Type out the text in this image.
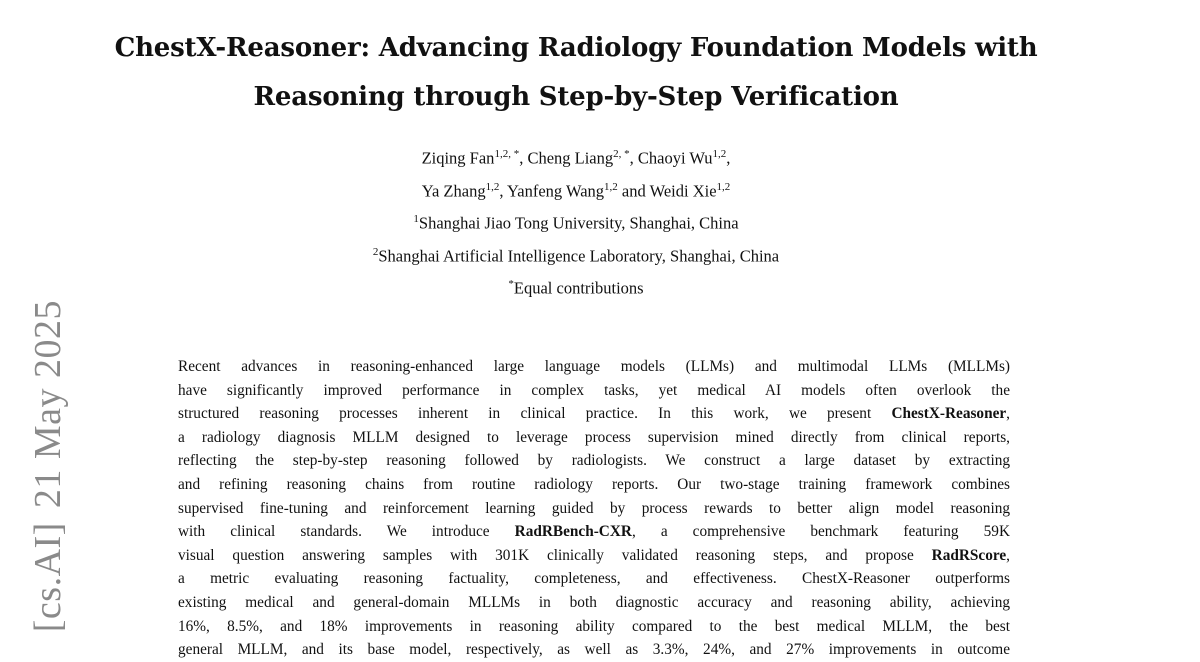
[cs.AI]21 May 2025
ChestX-Reasoner: Advancing Radiology Foundation Models with
Reasoning through Step-by-Step Verification
Ziqing Fan$^{1,2, *}$, Cheng Liang$^{2, *}$, Chaoyi Wu$^{1,2}$,
Ya Zhang$^{1,2}$, Yanfeng Wang$^{1,2}$ and Weidi Xie$^{1,2}$
$^1$Shanghai Jiao Tong University, Shanghai, China
$^2$Shanghai Artificial Intelligence Laboratory, Shanghai, China
*Equal contributions
Recent advances in reasoning-enhanced large language models (LLMs) and multimodal LLMs (MLLMs)
have significantly improved performance in complex tasks, yet medical AI models often overlook the
structured reasoning processes inherent in clinical practice. In this work, we present ChestX-Reasoner,
a radiology diagnosis MLLM designed to leverage process supervision mined directly from clinical reports,
reflecting the step-by-step reasoning followed by radiologists. We construct a large dataset by extracting
and refining reasoning chains from routine radiology reports. Our two-stage training framework combines
supervised fine-tuning and reinforcement learning guided by process rewards to better align model reasoning
with clinical standards. We introduce RadRBench-CXR, a comprehensive benchmark featuring 59K
visual question answering samples with 301K clinically validated reasoning steps, and propose RadRScore,
a metric evaluating reasoning factuality, completeness, and effectiveness. ChestX-Reasoner outperforms
existing medical and general-domain MLLMs in both diagnostic accuracy and reasoning ability, achieving
16%, 8.5%, and 18% improvements in reasoning ability compared to the best medical MLLM, the best
general MLLM, and its base model, respectively, as well as 3.3%, 24%, and 27% improvements in outcome
